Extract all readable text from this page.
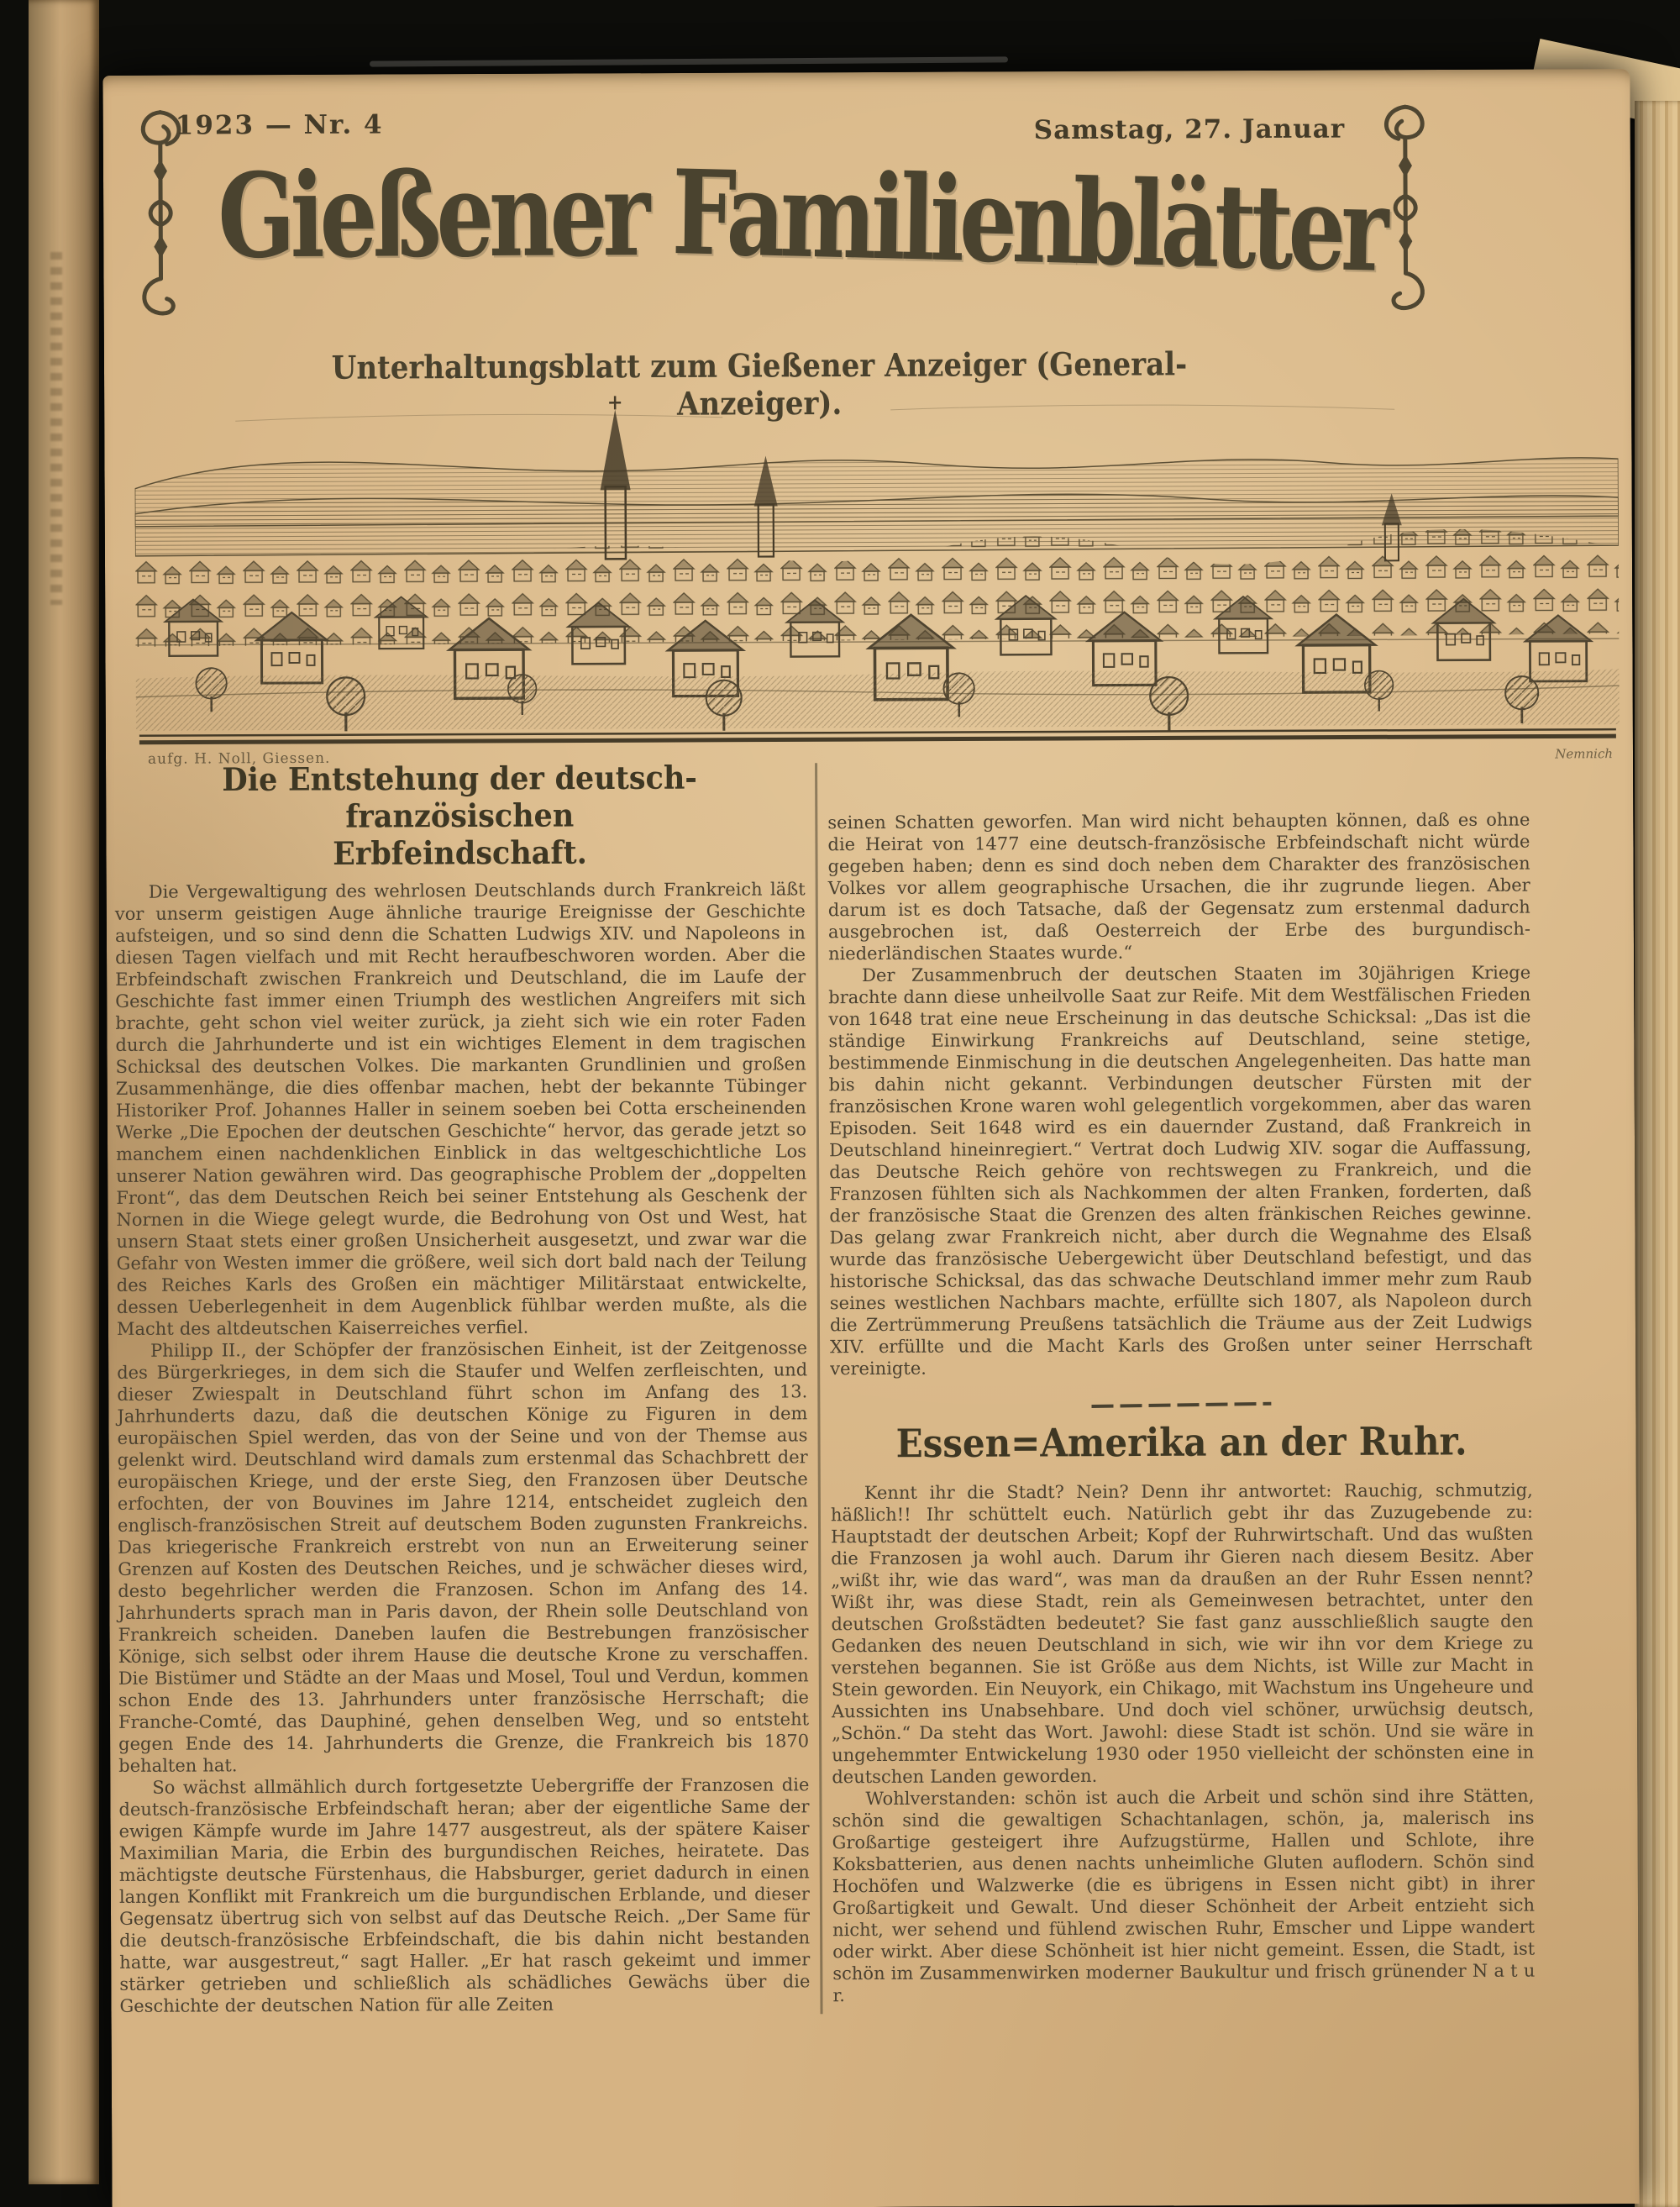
1923 — Nr. 4	Samstag, 27. Januar
Gießener Familienblätter
Unterhaltungsblatt zum Gießener Anzeiger (General-Anzeiger).
aufg. H. Noll, Giessen.	Nemnich
Die Entstehung der deutsch-französischen
Erbfeindschaft.

Die Vergewaltigung des wehrlosen Deutschlands durch Frankreich läßt vor unserm geistigen Auge ähnliche traurige Ereignisse der Geschichte aufsteigen, und so sind denn die Schatten Ludwigs XIV. und Napoleons in diesen Tagen vielfach und mit Recht heraufbeschworen worden. Aber die Erbfeindschaft zwischen Frankreich und Deutschland, die im Laufe der Geschichte fast immer einen Triumph des westlichen Angreifers mit sich brachte, geht schon viel weiter zurück, ja zieht sich wie ein roter Faden durch die Jahrhunderte und ist ein wichtiges Element in dem tragischen Schicksal des deutschen Volkes. Die markanten Grundlinien und großen Zusammenhänge, die dies offenbar machen, hebt der bekannte Tübinger Historiker Prof. Johannes Haller in seinem soeben bei Cotta erscheinenden Werke „Die Epochen der deutschen Geschichte“ hervor, das gerade jetzt so manchem einen nachdenklichen Einblick in das weltgeschichtliche Los unserer Nation gewähren wird. Das geographische Problem der „doppelten Front“, das dem Deutschen Reich bei seiner Entstehung als Geschenk der Nornen in die Wiege gelegt wurde, die Bedrohung von Ost und West, hat unsern Staat stets einer großen Unsicherheit ausgesetzt, und zwar war die Gefahr von Westen immer die größere, weil sich dort bald nach der Teilung des Reiches Karls des Großen ein mächtiger Militärstaat entwickelte, dessen Ueberlegenheit in dem Augenblick fühlbar werden mußte, als die Macht des altdeutschen Kaiserreiches verfiel.

Philipp II., der Schöpfer der französischen Einheit, ist der Zeitgenosse des Bürgerkrieges, in dem sich die Staufer und Welfen zerfleischten, und dieser Zwiespalt in Deutschland führt schon im Anfang des 13. Jahrhunderts dazu, daß die deutschen Könige zu Figuren in dem europäischen Spiel werden, das von der Seine und von der Themse aus gelenkt wird. Deutschland wird damals zum erstenmal das Schachbrett der europäischen Kriege, und der erste Sieg, den Franzosen über Deutsche erfochten, der von Bouvines im Jahre 1214, entscheidet zugleich den englisch-französischen Streit auf deutschem Boden zugunsten Frankreichs. Das kriegerische Frankreich erstrebt von nun an Erweiterung seiner Grenzen auf Kosten des Deutschen Reiches, und je schwächer dieses wird, desto begehrlicher werden die Franzosen. Schon im Anfang des 14. Jahrhunderts sprach man in Paris davon, der Rhein solle Deutschland von Frankreich scheiden. Daneben laufen die Bestrebungen französischer Könige, sich selbst oder ihrem Hause die deutsche Krone zu verschaffen. Die Bistümer und Städte an der Maas und Mosel, Toul und Verdun, kommen schon Ende des 13. Jahrhunders unter französische Herrschaft; die Franche-Comté, das Dauphiné, gehen denselben Weg, und so entsteht gegen Ende des 14. Jahrhunderts die Grenze, die Frankreich bis 1870 behalten hat.

So wächst allmählich durch fortgesetzte Uebergriffe der Franzosen die deutsch-französische Erbfeindschaft heran; aber der eigentliche Same der ewigen Kämpfe wurde im Jahre 1477 ausgestreut, als der spätere Kaiser Maximilian Maria, die Erbin des burgundischen Reiches, heiratete. Das mächtigste deutsche Fürstenhaus, die Habsburger, geriet dadurch in einen langen Konflikt mit Frankreich um die burgundischen Erblande, und dieser Gegensatz übertrug sich von selbst auf das Deutsche Reich. „Der Same für die deutsch-französische Erbfeindschaft, die bis dahin nicht bestanden hatte, war ausgestreut,“ sagt Haller. „Er hat rasch gekeimt und immer stärker getrieben und schließlich als schädliches Gewächs über die Geschichte der deutschen Nation für alle Zeiten

seinen Schatten geworfen. Man wird nicht behaupten können, daß es ohne die Heirat von 1477 eine deutsch-französische Erbfeindschaft nicht würde gegeben haben; denn es sind doch neben dem Charakter des französischen Volkes vor allem geographische Ursachen, die ihr zugrunde liegen. Aber darum ist es doch Tatsache, daß der Gegensatz zum erstenmal dadurch ausgebrochen ist, daß Oesterreich der Erbe des burgundisch-niederländischen Staates wurde.“

Der Zusammenbruch der deutschen Staaten im 30jährigen Kriege brachte dann diese unheilvolle Saat zur Reife. Mit dem Westfälischen Frieden von 1648 trat eine neue Erscheinung in das deutsche Schicksal: „Das ist die ständige Einwirkung Frankreichs auf Deutschland, seine stetige, bestimmende Einmischung in die deutschen Angelegenheiten. Das hatte man bis dahin nicht gekannt. Verbindungen deutscher Fürsten mit der französischen Krone waren wohl gelegentlich vorgekommen, aber das waren Episoden. Seit 1648 wird es ein dauernder Zustand, daß Frankreich in Deutschland hineinregiert.“ Vertrat doch Ludwig XIV. sogar die Auffassung, das Deutsche Reich gehöre von rechtswegen zu Frankreich, und die Franzosen fühlten sich als Nachkommen der alten Franken, forderten, daß der französische Staat die Grenzen des alten fränkischen Reiches gewinne. Das gelang zwar Frankreich nicht, aber durch die Wegnahme des Elsaß wurde das französische Uebergewicht über Deutschland befestigt, und das historische Schicksal, das das schwache Deutschland immer mehr zum Raub seines westlichen Nachbars machte, erfüllte sich 1807, als Napoleon durch die Zertrümmerung Preußens tatsächlich die Träume aus der Zeit Ludwigs XIV. erfüllte und die Macht Karls des Großen unter seiner Herrschaft vereinigte.

Essen=Amerika an der Ruhr.

Kennt ihr die Stadt? Nein? Denn ihr antwortet: Rauchig, schmutzig, häßlich!! Ihr schüttelt euch. Natürlich gebt ihr das Zuzugebende zu: Hauptstadt der deutschen Arbeit; Kopf der Ruhrwirtschaft. Und das wußten die Franzosen ja wohl auch. Darum ihr Gieren nach diesem Besitz. Aber „wißt ihr, wie das ward“, was man da draußen an der Ruhr Essen nennt? Wißt ihr, was diese Stadt, rein als Gemeinwesen betrachtet, unter den deutschen Großstädten bedeutet? Sie fast ganz ausschließlich saugte den Gedanken des neuen Deutschland in sich, wie wir ihn vor dem Kriege zu verstehen begannen. Sie ist Größe aus dem Nichts, ist Wille zur Macht in Stein geworden. Ein Neuyork, ein Chikago, mit Wachstum ins Ungeheure und Aussichten ins Unabsehbare. Und doch viel schöner, urwüchsig deutsch, „Schön.“ Da steht das Wort. Jawohl: diese Stadt ist schön. Und sie wäre in ungehemmter Entwickelung 1930 oder 1950 vielleicht der schönsten eine in deutschen Landen geworden.

Wohlverstanden: schön ist auch die Arbeit und schön sind ihre Stätten, schön sind die gewaltigen Schachtanlagen, schön, ja, malerisch ins Großartige gesteigert ihre Aufzugstürme, Hallen und Schlote, ihre Koksbatterien, aus denen nachts unheimliche Gluten auflodern. Schön sind Hochöfen und Walzwerke (die es übrigens in Essen nicht gibt) in ihrer Großartigkeit und Gewalt. Und dieser Schönheit der Arbeit entzieht sich nicht, wer sehend und fühlend zwischen Ruhr, Emscher und Lippe wandert oder wirkt. Aber diese Schönheit ist hier nicht gemeint. Essen, die Stadt, ist schön im Zusammenwirken moderner Baukultur und frisch grünender N a t u r.
